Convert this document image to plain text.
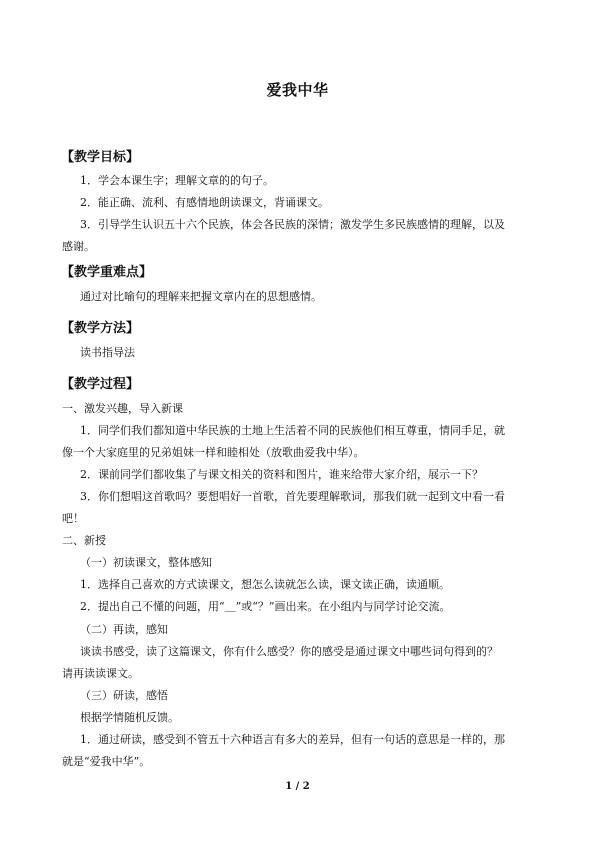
爱我中华
【教学目标】
1．学会本课生字；理解文章的的句子。
2．能正确、流利、有感情地朗读课文，背诵课文。
3．引导学生认识五十六个民族，体会各民族的深情；激发学生多民族感情的理解，以及
感谢。
【教学重难点】
通过对比喻句的理解来把握文章内在的思想感情。
【教学方法】
读书指导法
【教学过程】
一、激发兴趣，导入新课
1．同学们我们都知道中华民族的土地上生活着不同的民族他们相互尊重，情同手足，就
像一个大家庭里的兄弟姐妹一样和睦相处（放歌曲爱我中华）。
2．课前同学们都收集了与课文相关的资料和图片，谁来给带大家介绍，展示一下？
3．你们想唱这首歌吗？要想唱好一首歌，首先要理解歌词，那我们就一起到文中看一看
吧！
二、新授
（一）初读课文，整体感知
1．选择自己喜欢的方式读课文，想怎么读就怎么读，课文读正确，读通顺。
2．提出自己不懂的问题，用“＿”或“？”画出来。在小组内与同学讨论交流。
（二）再读，感知
谈读书感受，读了这篇课文，你有什么感受？你的感受是通过课文中哪些词句得到的？
请再读读课文。
（三）研读，感悟
根据学情随机反馈。
1．通过研读，感受到不管五十六种语言有多大的差异，但有一句话的意思是一样的，那
就是“爱我中华”。
1 / 2
